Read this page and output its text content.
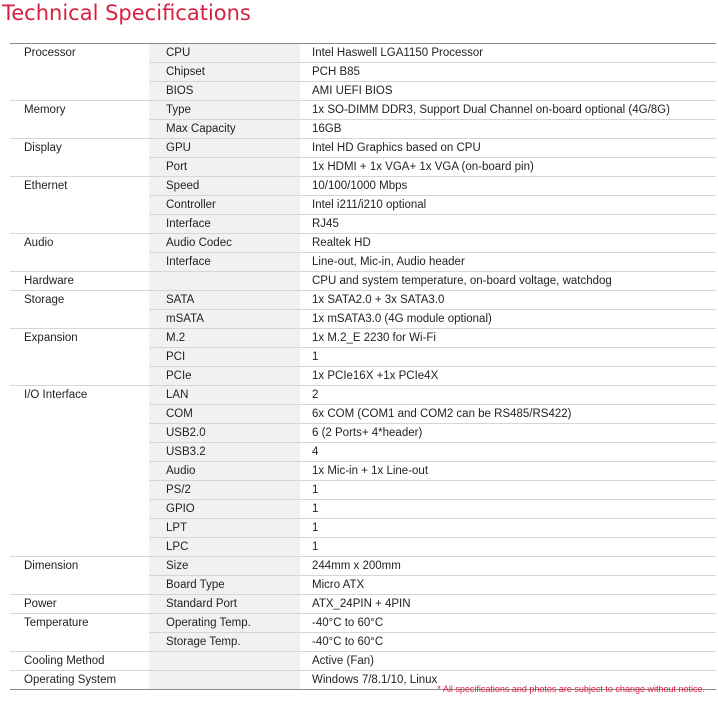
Technical Specifications
Processor	CPU	Intel Haswell LGA1150 Processor
	Chipset	PCH B85
	BIOS	AMI UEFI BIOS
Memory	Type	1x SO-DIMM DDR3, Support Dual Channel on-board optional (4G/8G)
	Max Capacity	16GB
Display	GPU	Intel HD Graphics based on CPU
	Port	1x HDMI + 1x VGA+ 1x VGA (on-board pin)
Ethernet	Speed	10/100/1000 Mbps
	Controller	Intel i211/i210 optional
	Interface	RJ45
Audio	Audio Codec	Realtek HD
	Interface	Line-out, Mic-in, Audio header
Hardware		CPU and system temperature, on-board voltage, watchdog
Storage	SATA	1x SATA2.0 + 3x SATA3.0
	mSATA	1x mSATA3.0 (4G module optional)
Expansion	M.2	1x M.2_E 2230 for Wi-Fi
	PCI	1
	PCIe	1x PCIe16X +1x PCIe4X
I/O Interface	LAN	2
	COM	6x COM (COM1 and COM2 can be RS485/RS422)
	USB2.0	6 (2 Ports+ 4*header)
	USB3.2	4
	Audio	1x Mic-in + 1x Line-out
	PS/2	1
	GPIO	1
	LPT	1
	LPC	1
Dimension	Size	244mm x 200mm
	Board Type	Micro ATX
Power	Standard Port	ATX_24PIN + 4PIN
Temperature	Operating Temp.	-40°C to 60°C
	Storage Temp.	-40°C to 60°C
Cooling Method		Active (Fan)
Operating System		Windows 7/8.1/10, Linux
* All specifications and photos are subject to change without notice.
